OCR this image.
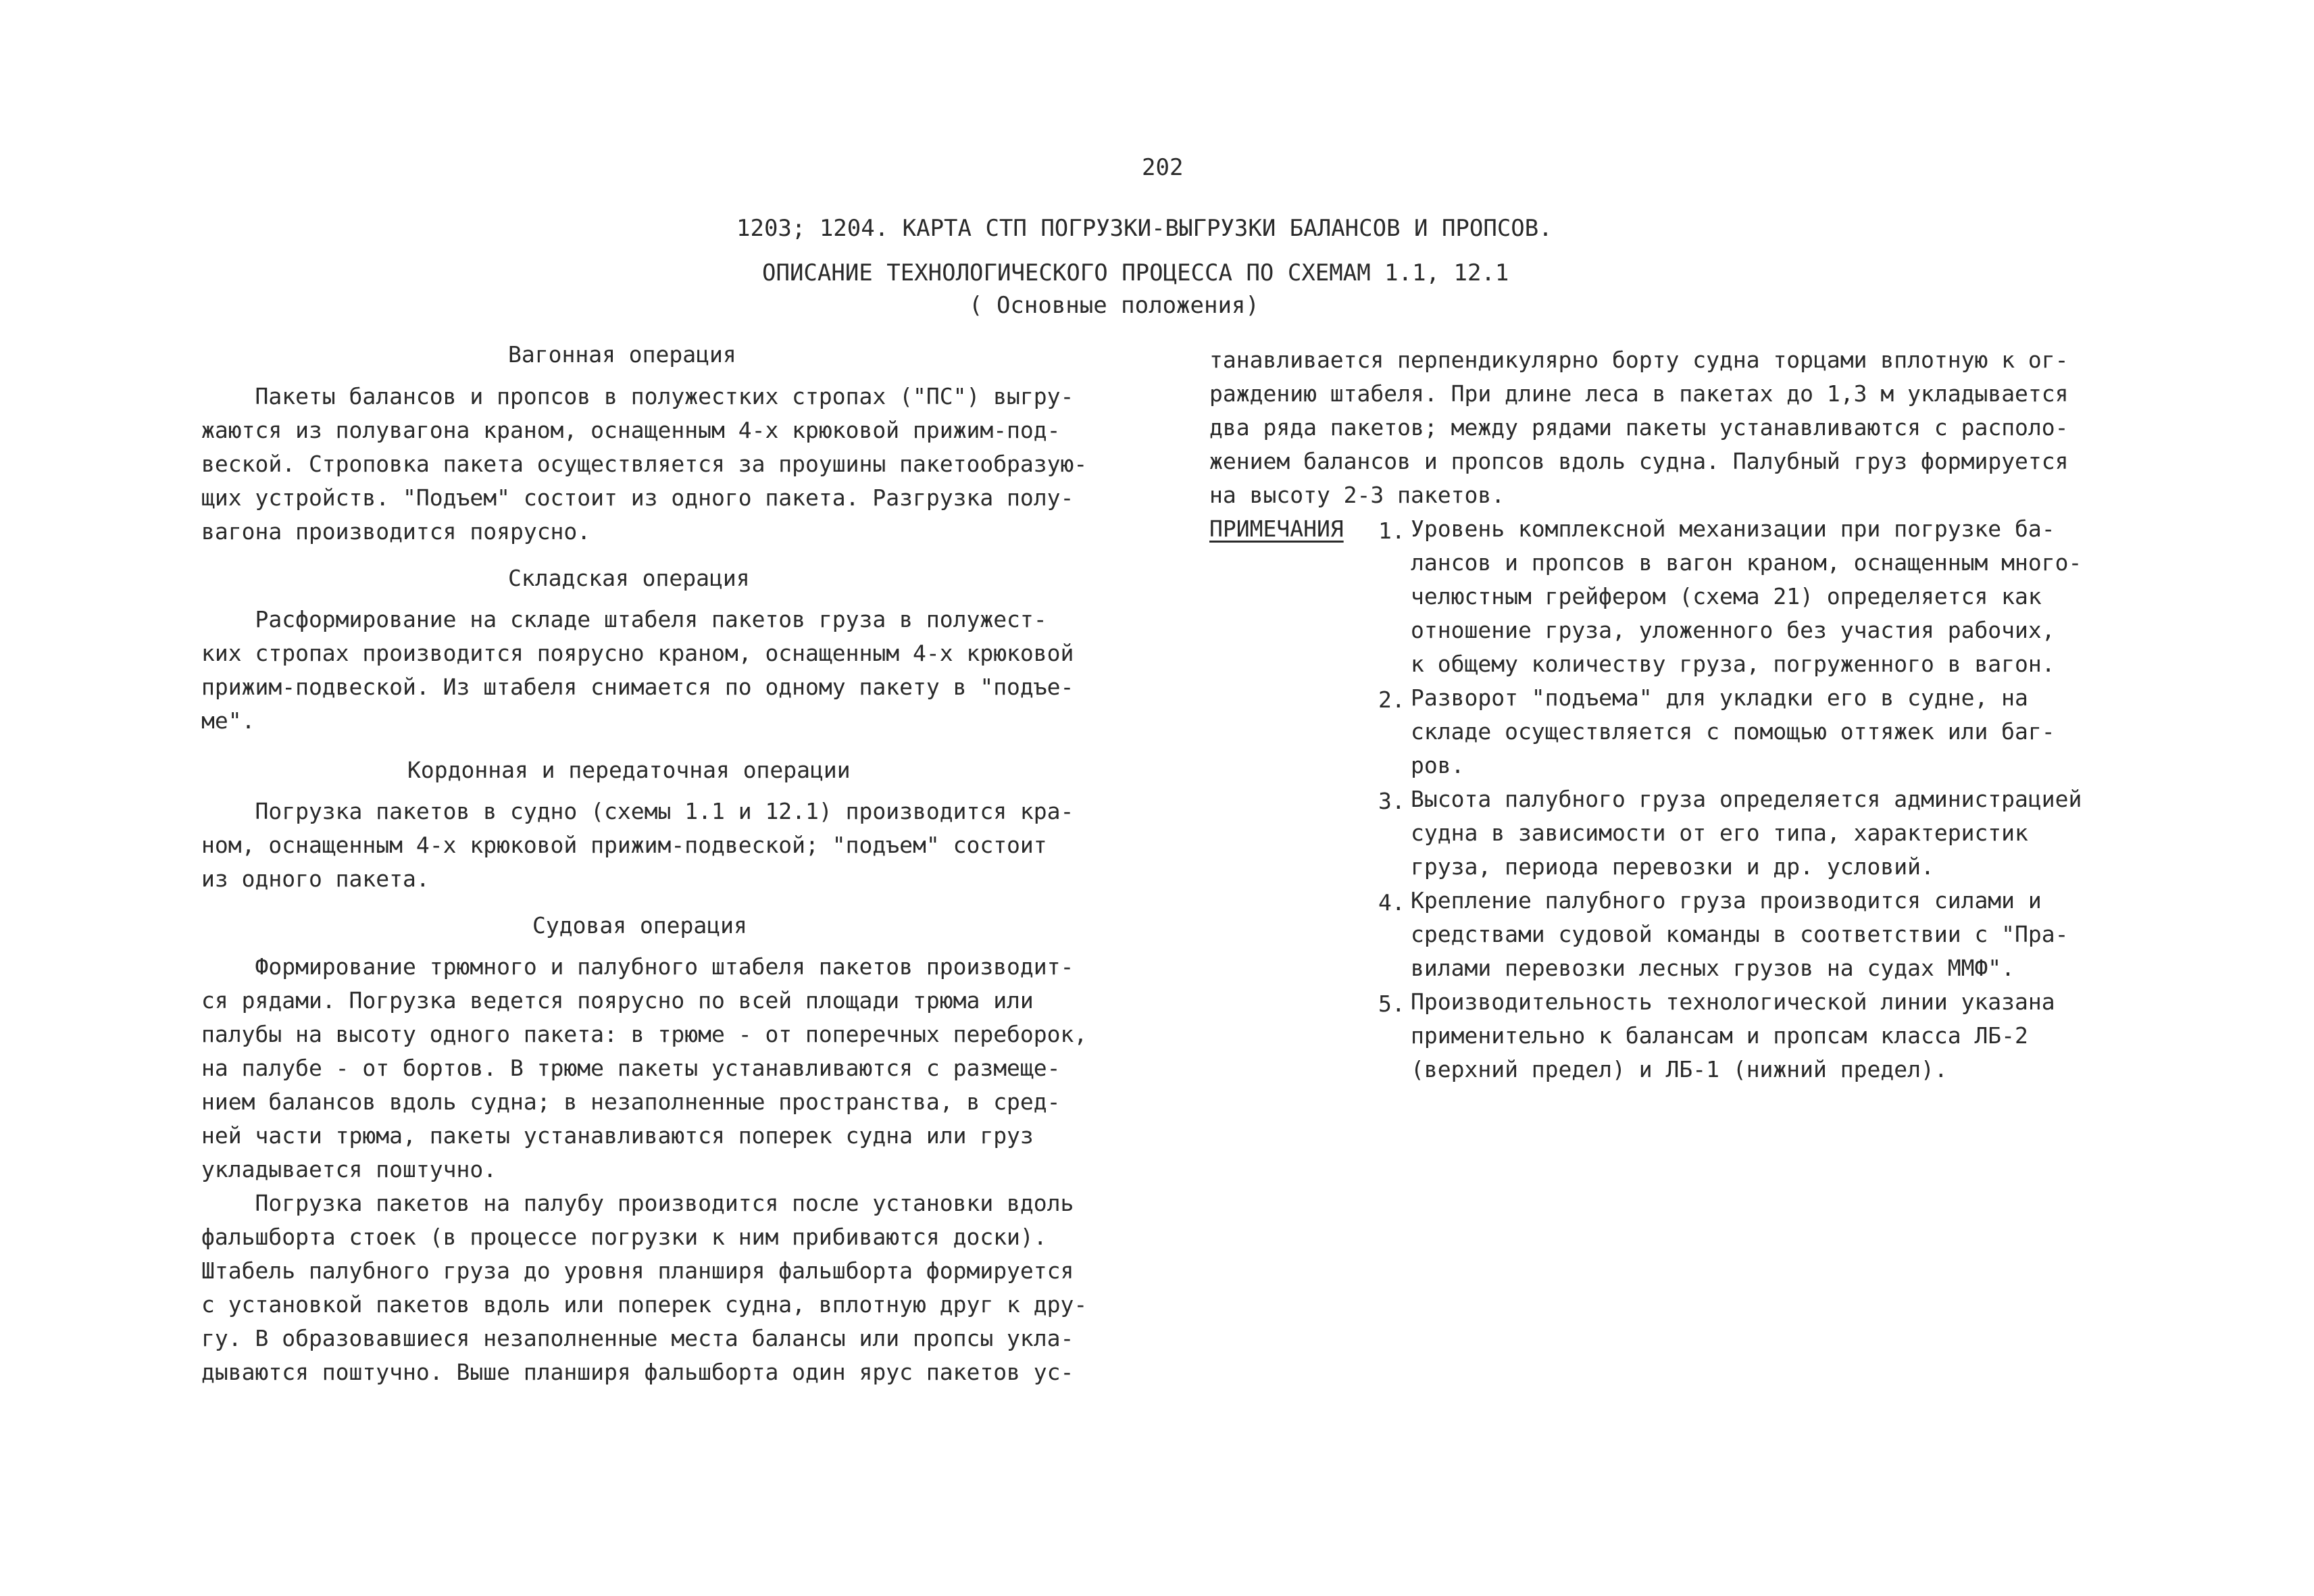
202
1203; 1204. КАРТА СТП ПОГРУЗКИ-ВЫГРУЗКИ БАЛАНСОВ И ПРОПСОВ.
ОПИСАНИЕ ТЕХНОЛОГИЧЕСКОГО ПРОЦЕССА ПО СХЕМАМ 1.1, 12.1
( Основные положения)
Вагонная операция
Пакеты балансов и пропсов в полужестких стропах ("ПС") выгру-
жаются из полувагона краном, оснащенным 4-х крюковой прижим-под-
веской. Строповка пакета осуществляется за проушины пакетообразую-
щих устройств. "Подъем" состоит из одного пакета. Разгрузка полу-
вагона производится поярусно.
Складская операция
Расформирование на складе штабеля пакетов груза в полужест-
ких стропах производится поярусно краном, оснащенным 4-х крюковой
прижим-подвеской. Из штабеля снимается по одному пакету в "подъе-
ме".
Кордонная и передаточная операции
Погрузка пакетов в судно (схемы 1.1 и 12.1) производится кра-
ном, оснащенным 4-х крюковой прижим-подвеской; "подъем" состоит
из одного пакета.
Судовая операция
Формирование трюмного и палубного штабеля пакетов производит-
ся рядами. Погрузка ведется поярусно по всей площади трюма или
палубы на высоту одного пакета: в трюме - от поперечных переборок,
на палубе - от бортов. В трюме пакеты устанавливаются с размеще-
нием балансов вдоль судна; в незаполненные пространства, в сред-
ней части трюма, пакеты устанавливаются поперек судна или груз
укладывается поштучно.
Погрузка пакетов на палубу производится после установки вдоль
фальшборта стоек (в процессе погрузки к ним прибиваются доски).
Штабель палубного груза до уровня планширя фальшборта формируется
с установкой пакетов вдоль или поперек судна, вплотную друг к дру-
гу. В образовавшиеся незаполненные места балансы или пропсы укла-
дываются поштучно. Выше планширя фальшборта один ярус пакетов ус-
танавливается перпендикулярно борту судна торцами вплотную к ог-
раждению штабеля. При длине леса в пакетах до 1,3 м укладывается
два ряда пакетов; между рядами пакеты устанавливаются с располо-
жением балансов и пропсов вдоль судна. Палубный груз формируется
на высоту 2-3 пакетов.
ПРИМЕЧАНИЯ 1. Уровень комплексной механизации при погрузке ба-
лансов и пропсов в вагон краном, оснащенным много-
челюстным грейфером (схема 21) определяется как
отношение груза, уложенного без участия рабочих,
к общему количеству груза, погруженного в вагон.
2. Разворот "подъема" для укладки его в судне, на
складе осуществляется с помощью оттяжек или баг-
ров.
3. Высота палубного груза определяется администрацией
судна в зависимости от его типа, характеристик
груза, периода перевозки и др. условий.
4. Крепление палубного груза производится силами и
средствами судовой команды в соответствии с "Пра-
вилами перевозки лесных грузов на судах ММФ".
5. Производительность технологической линии указана
применительно к балансам и пропсам класса ЛБ-2
(верхний предел) и ЛБ-1 (нижний предел).
